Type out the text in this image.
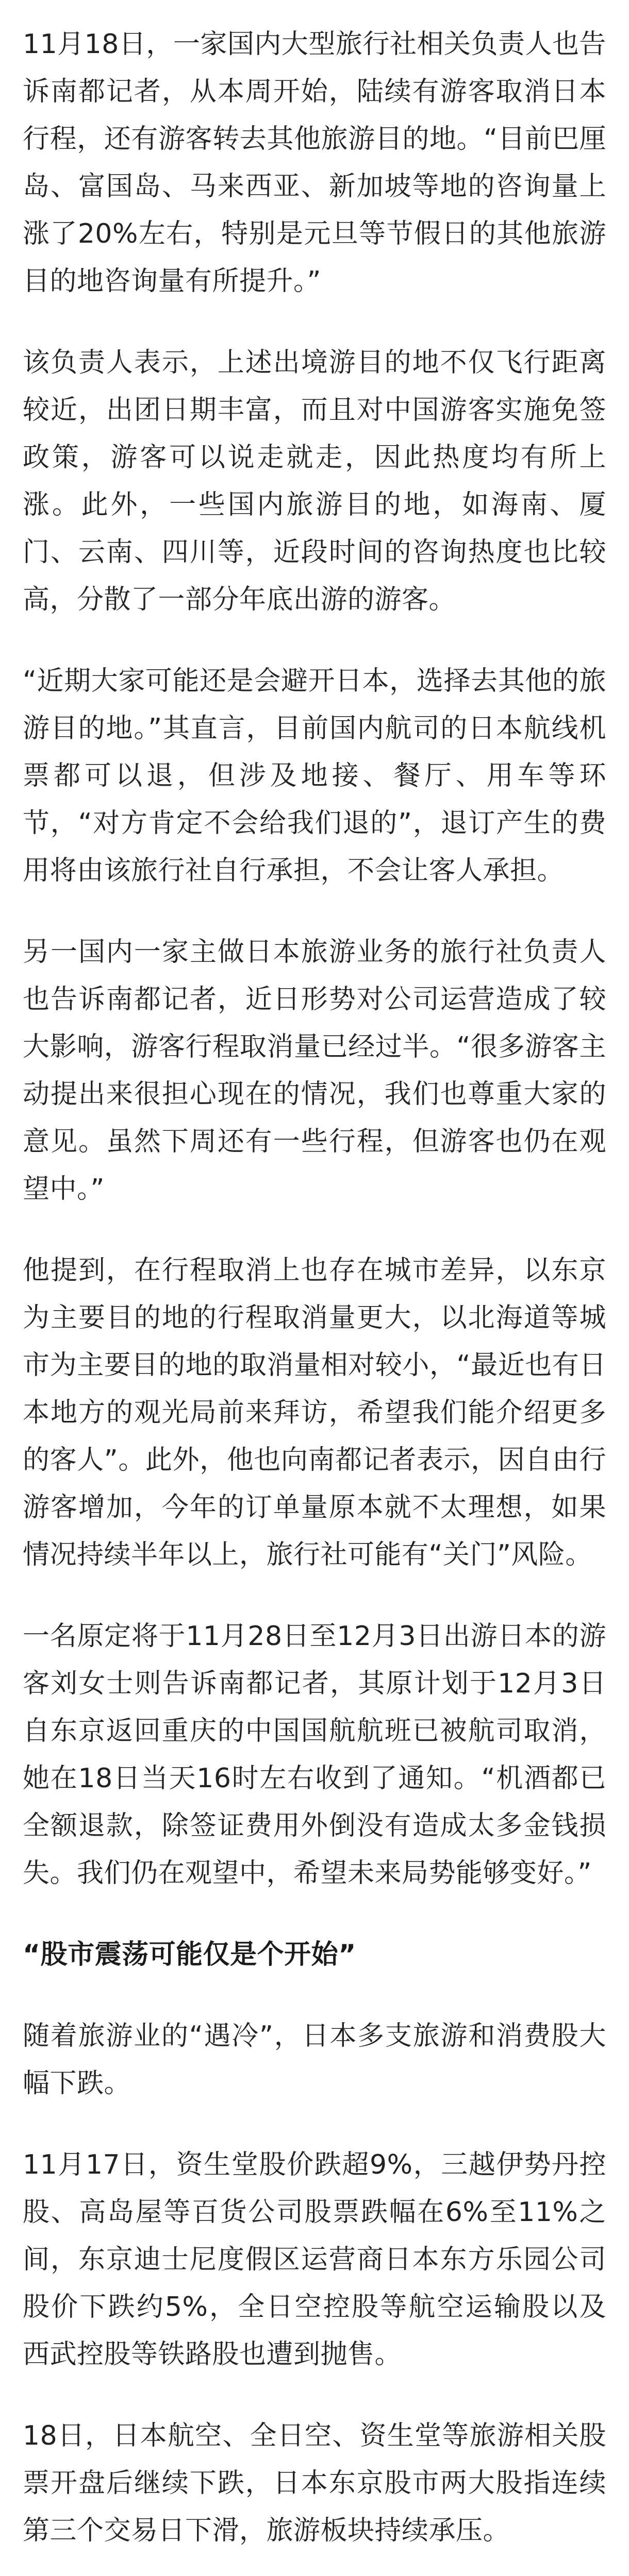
11月18日，一家国内大型旅行社相关负责人也告诉南都记者，从本周开始，陆续有游客取消日本行程，还有游客转去其他旅游目的地。“目前巴厘岛、富国岛、马来西亚、新加坡等地的咨询量上涨了20%左右，特别是元旦等节假日的其他旅游目的地咨询量有所提升。”

该负责人表示，上述出境游目的地不仅飞行距离较近，出团日期丰富，而且对中国游客实施免签政策，游客可以说走就走，因此热度均有所上涨。此外，一些国内旅游目的地，如海南、厦门、云南、四川等，近段时间的咨询热度也比较高，分散了一部分年底出游的游客。

“近期大家可能还是会避开日本，选择去其他的旅游目的地。”其直言，目前国内航司的日本航线机票都可以退，但涉及地接、餐厅、用车等环节，“对方肯定不会给我们退的”，退订产生的费用将由该旅行社自行承担，不会让客人承担。

另一国内一家主做日本旅游业务的旅行社负责人也告诉南都记者，近日形势对公司运营造成了较大影响，游客行程取消量已经过半。“很多游客主动提出来很担心现在的情况，我们也尊重大家的意见。虽然下周还有一些行程，但游客也仍在观望中。”

他提到，在行程取消上也存在城市差异，以东京为主要目的地的行程取消量更大，以北海道等城市为主要目的地的取消量相对较小，“最近也有日本地方的观光局前来拜访，希望我们能介绍更多的客人”。此外，他也向南都记者表示，因自由行游客增加，今年的订单量原本就不太理想，如果情况持续半年以上，旅行社可能有“关门”风险。

一名原定将于11月28日至12月3日出游日本的游客刘女士则告诉南都记者，其原计划于12月3日自东京返回重庆的中国国航航班已被航司取消，她在18日当天16时左右收到了通知。“机酒都已全额退款，除签证费用外倒没有造成太多金钱损失。我们仍在观望中，希望未来局势能够变好。”

“股市震荡可能仅是个开始”

随着旅游业的“遇冷”，日本多支旅游和消费股大幅下跌。

11月17日，资生堂股价跌超9%，三越伊势丹控股、高岛屋等百货公司股票跌幅在6%至11%之间，东京迪士尼度假区运营商日本东方乐园公司股价下跌约5%，全日空控股等航空运输股以及西武控股等铁路股也遭到抛售。

18日，日本航空、全日空、资生堂等旅游相关股票开盘后继续下跌，日本东京股市两大股指连续第三个交易日下滑，旅游板块持续承压。
